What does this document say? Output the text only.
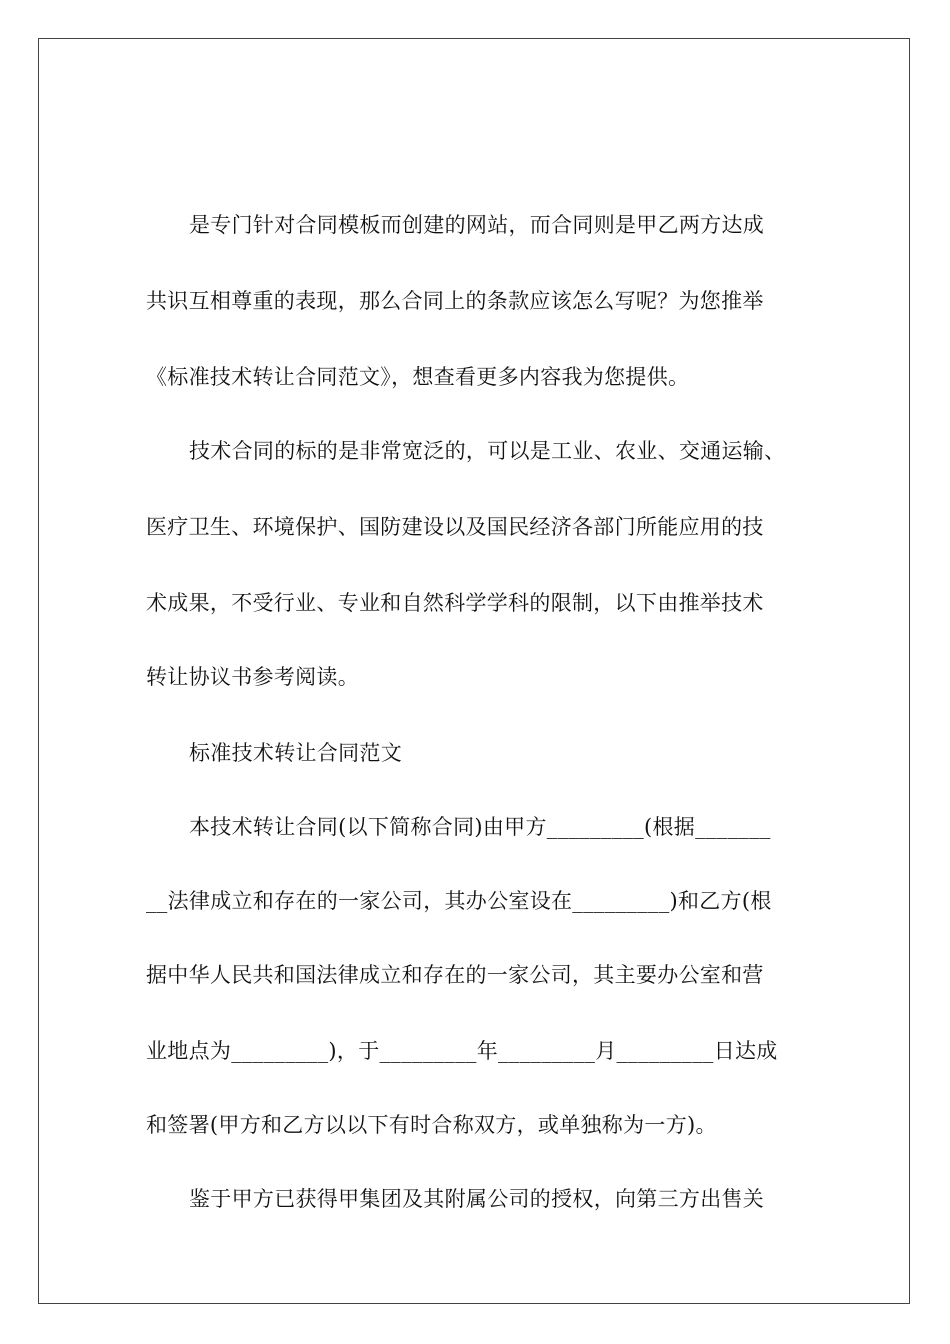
是专门针对合同模板而创建的网站，而合同则是甲乙两方达成
共识互相尊重的表现，那么合同上的条款应该怎么写呢？为您推举
《标准技术转让合同范文》，想查看更多内容我为您提供。
技术合同的标的是非常宽泛的，可以是工业、农业、交通运输、
医疗卫生、环境保护、国防建设以及国民经济各部门所能应用的技
术成果，不受行业、专业和自然科学学科的限制，以下由推举技术
转让协议书参考阅读。
标准技术转让合同范文
本技术转让合同(以下简称合同)由甲方_________(根据_______
__法律成立和存在的一家公司，其办公室设在_________)和乙方(根
据中华人民共和国法律成立和存在的一家公司，其主要办公室和营
业地点为_________)，于_________年_________月_________日达成
和签署(甲方和乙方以以下有时合称双方，或单独称为一方)。
鉴于甲方已获得甲集团及其附属公司的授权，向第三方出售关
